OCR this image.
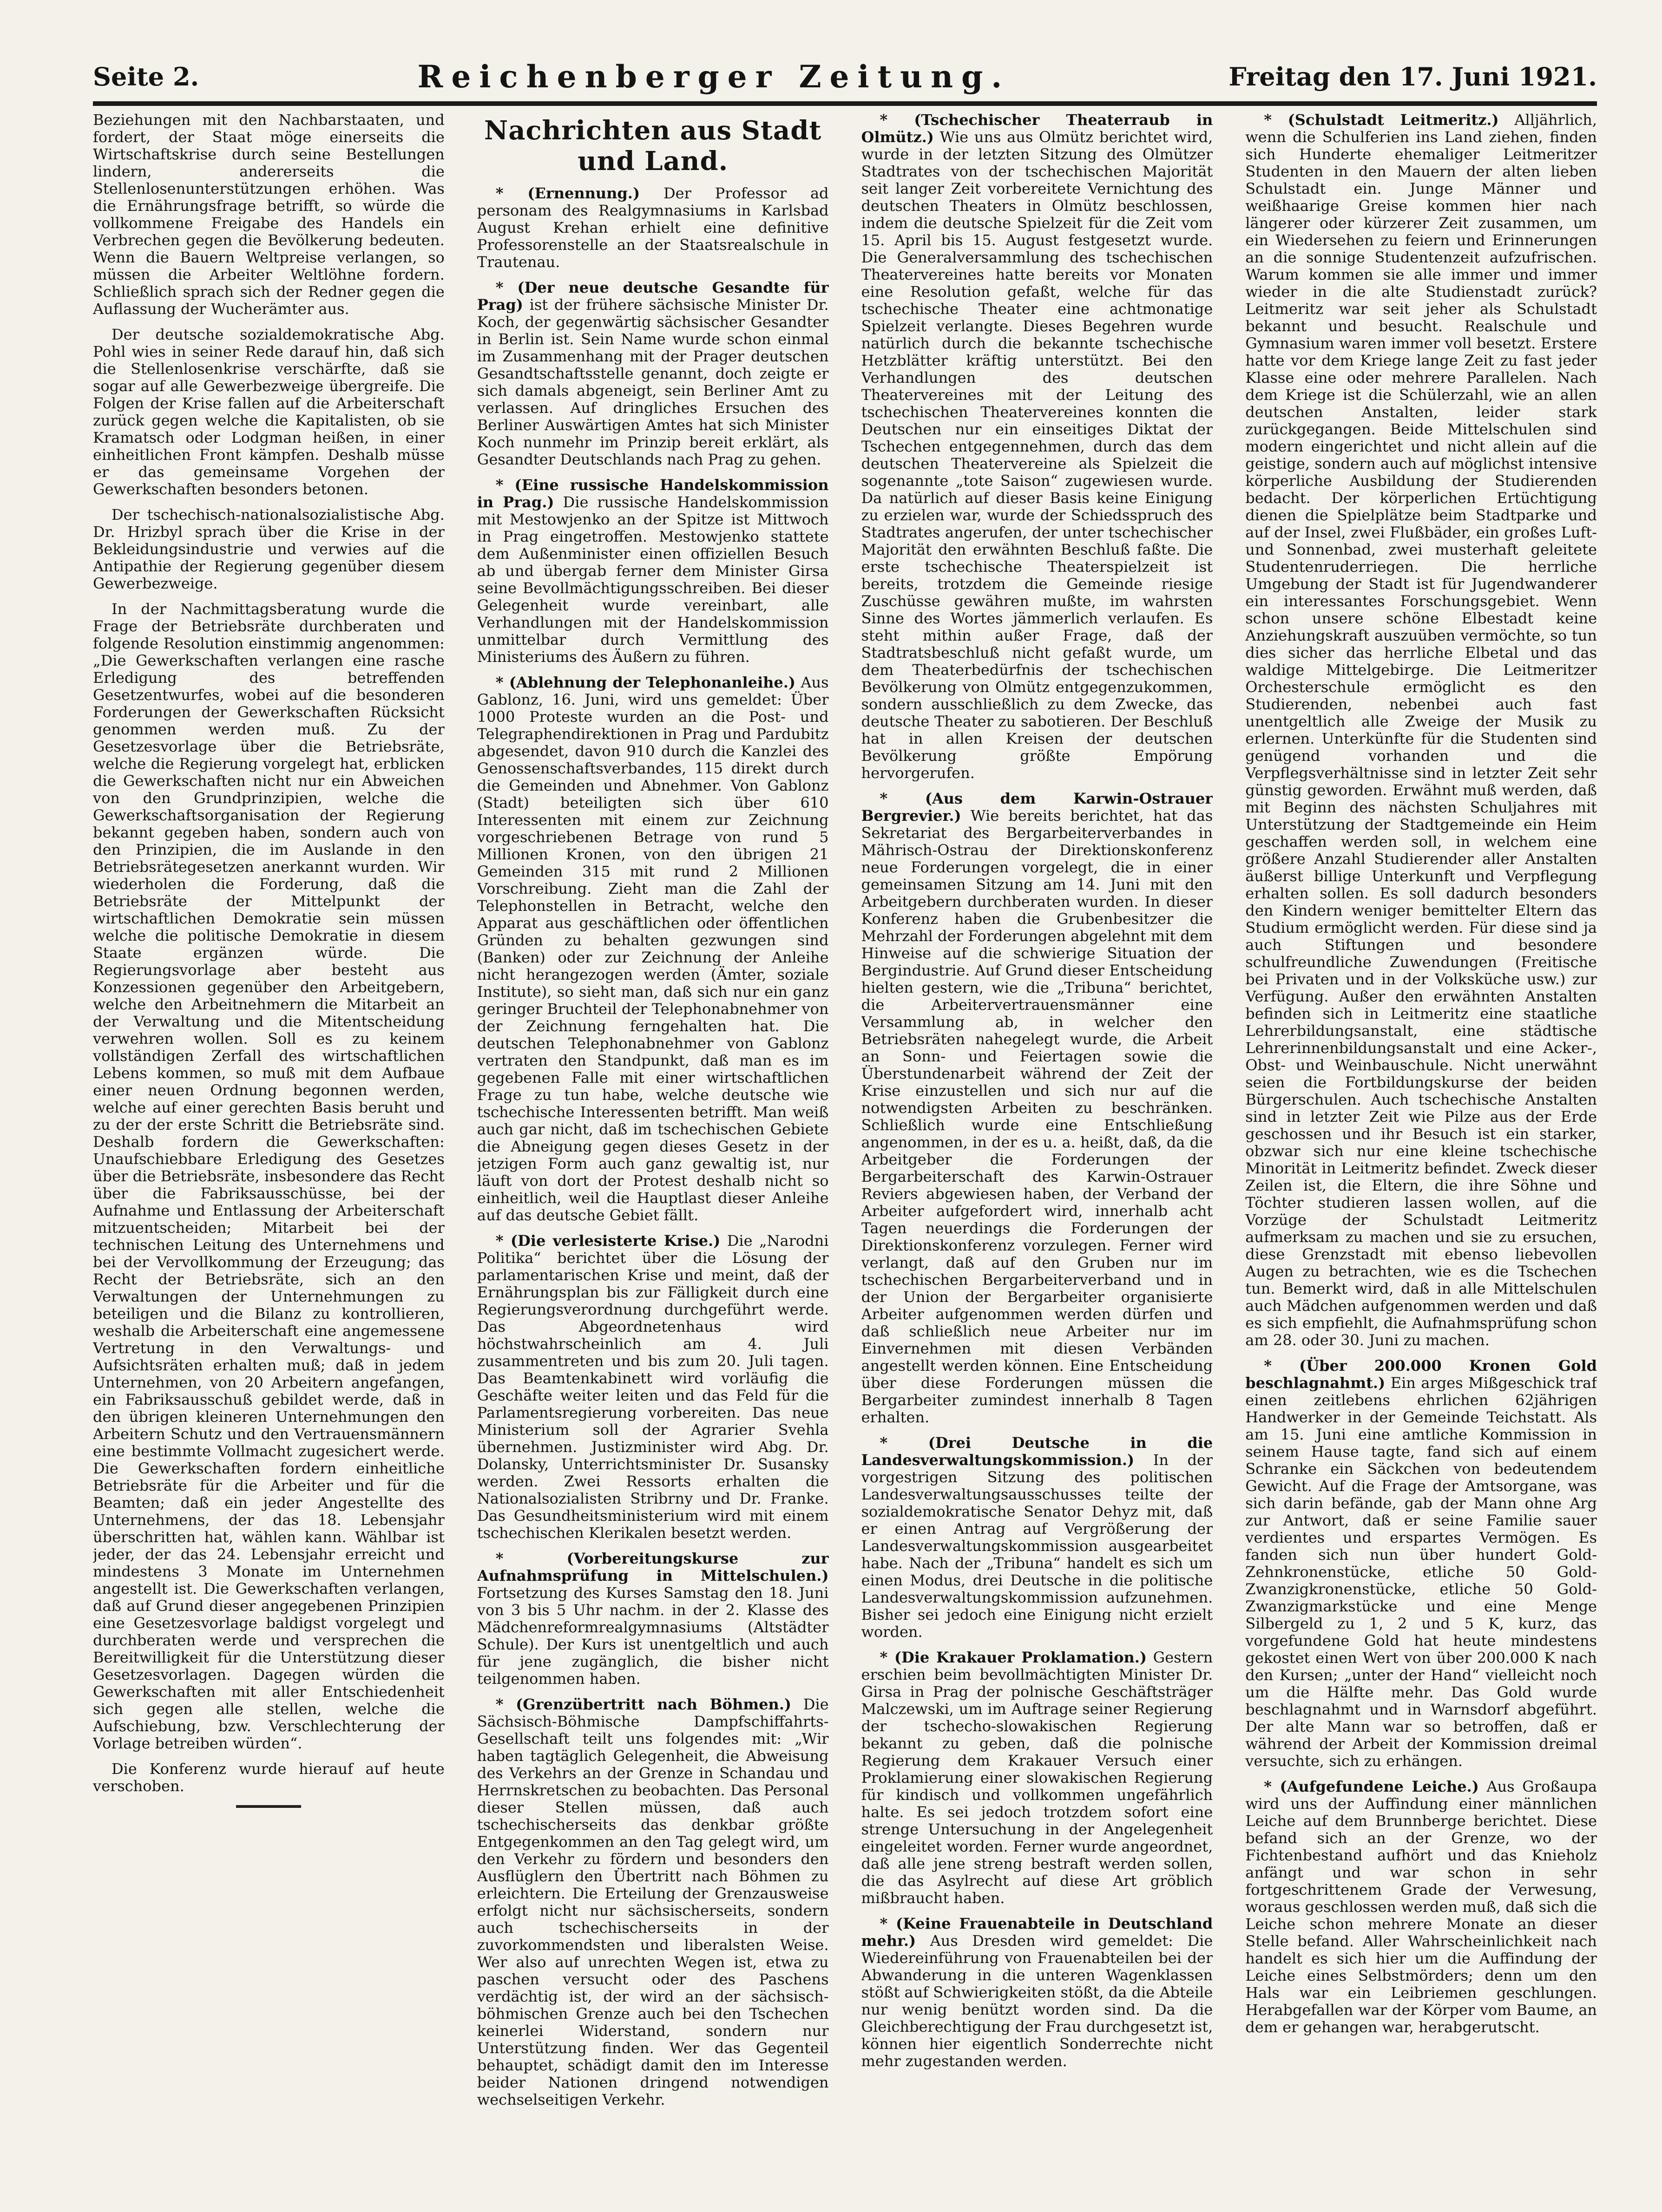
Seite 2.	Reichenberger Zeitung.	Freitag den 17. Juni 1921.

Beziehungen mit den Nachbarstaaten, und fordert, der Staat möge einerseits die Wirtschaftskrise durch seine Bestellungen lindern, andererseits die Stellenlosenunterstützungen erhöhen. Was die Ernährungsfrage betrifft, so würde die vollkommene Freigabe des Handels ein Verbrechen gegen die Bevölkerung bedeuten. Wenn die Bauern Weltpreise verlangen, so müssen die Arbeiter Weltlöhne fordern. Schließlich sprach sich der Redner gegen die Auflassung der Wucherämter aus.

Der deutsche sozialdemokratische Abg. Pohl wies in seiner Rede darauf hin, daß sich die Stellenlosenkrise verschärfte, daß sie sogar auf alle Gewerbezweige übergreife. Die Folgen der Krise fallen auf die Arbeiterschaft zurück gegen welche die Kapitalisten, ob sie Kramatsch oder Lodgman heißen, in einer einheitlichen Front kämpfen. Deshalb müsse er das gemeinsame Vorgehen der Gewerkschaften besonders betonen.

Der tschechisch-nationalsozialistische Abg. Dr. Hrizbyl sprach über die Krise in der Bekleidungsindustrie und verwies auf die Antipathie der Regierung gegenüber diesem Gewerbezweige.

In der Nachmittagsberatung wurde die Frage der Betriebsräte durchberaten und folgende Resolution einstimmig angenommen: „Die Gewerkschaften verlangen eine rasche Erledigung des betreffenden Gesetzentwurfes, wobei auf die besonderen Forderungen der Gewerkschaften Rücksicht genommen werden muß. Zu der Gesetzesvorlage über die Betriebsräte, welche die Regierung vorgelegt hat, erblicken die Gewerkschaften nicht nur ein Abweichen von den Grundprinzipien, welche die Gewerkschaftsorganisation der Regierung bekannt gegeben haben, sondern auch von den Prinzipien, die im Auslande in den Betriebsrätegesetzen anerkannt wurden. Wir wiederholen die Forderung, daß die Betriebsräte der Mittelpunkt der wirtschaftlichen Demokratie sein müssen welche die politische Demokratie in diesem Staate ergänzen würde. Die Regierungsvorlage aber besteht aus Konzessionen gegenüber den Arbeitgebern, welche den Arbeitnehmern die Mitarbeit an der Verwaltung und die Mitentscheidung verwehren wollen. Soll es zu keinem vollständigen Zerfall des wirtschaftlichen Lebens kommen, so muß mit dem Aufbaue einer neuen Ordnung begonnen werden, welche auf einer gerechten Basis beruht und zu der der erste Schritt die Betriebsräte sind. Deshalb fordern die Gewerkschaften: Unaufschiebbare Erledigung des Gesetzes über die Betriebsräte, insbesondere das Recht über die Fabriksausschüsse, bei der Aufnahme und Entlassung der Arbeiterschaft mitzuentscheiden; Mitarbeit bei der technischen Leitung des Unternehmens und bei der Vervollkommung der Erzeugung; das Recht der Betriebsräte, sich an den Verwaltungen der Unternehmungen zu beteiligen und die Bilanz zu kontrollieren, weshalb die Arbeiterschaft eine angemessene Vertretung in den Verwaltungs- und Aufsichtsräten erhalten muß; daß in jedem Unternehmen, von 20 Arbeitern angefangen, ein Fabriksausschuß gebildet werde, daß in den übrigen kleineren Unternehmungen den Arbeitern Schutz und den Vertrauensmännern eine bestimmte Vollmacht zugesichert werde. Die Gewerkschaften fordern einheitliche Betriebsräte für die Arbeiter und für die Beamten; daß ein jeder Angestellte des Unternehmens, der das 18. Lebensjahr überschritten hat, wählen kann. Wählbar ist jeder, der das 24. Lebensjahr erreicht und mindestens 3 Monate im Unternehmen angestellt ist. Die Gewerkschaften verlangen, daß auf Grund dieser angegebenen Prinzipien eine Gesetzesvorlage baldigst vorgelegt und durchberaten werde und versprechen die Bereitwilligkeit für die Unterstützung dieser Gesetzesvorlagen. Dagegen würden die Gewerkschaften mit aller Entschiedenheit sich gegen alle stellen, welche die Aufschiebung, bzw. Verschlechterung der Vorlage betreiben würden“.

Die Konferenz wurde hierauf auf heute verschoben.

Nachrichten aus Stadt und Land.

* (Ernennung.) Der Professor ad personam des Realgymnasiums in Karlsbad August Krehan erhielt eine definitive Professorenstelle an der Staatsrealschule in Trautenau.

* (Der neue deutsche Gesandte für Prag) ist der frühere sächsische Minister Dr. Koch, der gegenwärtig sächsischer Gesandter in Berlin ist. Sein Name wurde schon einmal im Zusammenhang mit der Prager deutschen Gesandtschaftsstelle genannt, doch zeigte er sich damals abgeneigt, sein Berliner Amt zu verlassen. Auf dringliches Ersuchen des Berliner Auswärtigen Amtes hat sich Minister Koch nunmehr im Prinzip bereit erklärt, als Gesandter Deutschlands nach Prag zu gehen.

* (Eine russische Handelskommission in Prag.) Die russische Handelskommission mit Mestowjenko an der Spitze ist Mittwoch in Prag eingetroffen. Mestowjenko stattete dem Außenminister einen offiziellen Besuch ab und übergab ferner dem Minister Girsa seine Bevollmächtigungsschreiben. Bei dieser Gelegenheit wurde vereinbart, alle Verhandlungen mit der Handelskommission unmittelbar durch Vermittlung des Ministeriums des Äußern zu führen.

* (Ablehnung der Telephonanleihe.) Aus Gablonz, 16. Juni, wird uns gemeldet: Über 1000 Proteste wurden an die Post- und Telegraphendirektionen in Prag und Pardubitz abgesendet, davon 910 durch die Kanzlei des Genossenschaftsverbandes, 115 direkt durch die Gemeinden und Abnehmer. Von Gablonz (Stadt) beteiligten sich über 610 Interessenten mit einem zur Zeichnung vorgeschriebenen Betrage von rund 5 Millionen Kronen, von den übrigen 21 Gemeinden 315 mit rund 2 Millionen Vorschreibung. Zieht man die Zahl der Telephonstellen in Betracht, welche den Apparat aus geschäftlichen oder öffentlichen Gründen zu behalten gezwungen sind (Banken) oder zur Zeichnung der Anleihe nicht herangezogen werden (Ämter, soziale Institute), so sieht man, daß sich nur ein ganz geringer Bruchteil der Telephonabnehmer von der Zeichnung ferngehalten hat. Die deutschen Telephonabnehmer von Gablonz vertraten den Standpunkt, daß man es im gegebenen Falle mit einer wirtschaftlichen Frage zu tun habe, welche deutsche wie tschechische Interessenten betrifft. Man weiß auch gar nicht, daß im tschechischen Gebiete die Abneigung gegen dieses Gesetz in der jetzigen Form auch ganz gewaltig ist, nur läuft von dort der Protest deshalb nicht so einheitlich, weil die Hauptlast dieser Anleihe auf das deutsche Gebiet fällt.

* (Die verlesisterte Krise.) Die „Narodni Politika“ berichtet über die Lösung der parlamentarischen Krise und meint, daß der Ernährungsplan bis zur Fälligkeit durch eine Regierungsverordnung durchgeführt werde. Das Abgeordnetenhaus wird höchstwahrscheinlich am 4. Juli zusammentreten und bis zum 20. Juli tagen. Das Beamtenkabinett wird vorläufig die Geschäfte weiter leiten und das Feld für die Parlamentsregierung vorbereiten. Das neue Ministerium soll der Agrarier Svehla übernehmen. Justizminister wird Abg. Dr. Dolansky, Unterrichtsminister Dr. Susansky werden. Zwei Ressorts erhalten die Nationalsozialisten Stribrny und Dr. Franke. Das Gesundheitsministerium wird mit einem tschechischen Klerikalen besetzt werden.

* (Vorbereitungskurse zur Aufnahmsprüfung in Mittelschulen.) Fortsetzung des Kurses Samstag den 18. Juni von 3 bis 5 Uhr nachm. in der 2. Klasse des Mädchenreformrealgymnasiums (Altstädter Schule). Der Kurs ist unentgeltlich und auch für jene zugänglich, die bisher nicht teilgenommen haben.

* (Grenzübertritt nach Böhmen.) Die Sächsisch-Böhmische Dampfschiffahrts-Gesellschaft teilt uns folgendes mit: „Wir haben tagtäglich Gelegenheit, die Abweisung des Verkehrs an der Grenze in Schandau und Herrnskretschen zu beobachten. Das Personal dieser Stellen müssen, daß auch tschechischerseits das denkbar größte Entgegenkommen an den Tag gelegt wird, um den Verkehr zu fördern und besonders den Ausflüglern den Übertritt nach Böhmen zu erleichtern. Die Erteilung der Grenzausweise erfolgt nicht nur sächsischerseits, sondern auch tschechischerseits in der zuvorkommendsten und liberalsten Weise. Wer also auf unrechten Wegen ist, etwa zu paschen versucht oder des Paschens verdächtig ist, der wird an der sächsisch-böhmischen Grenze auch bei den Tschechen keinerlei Widerstand, sondern nur Unterstützung finden. Wer das Gegenteil behauptet, schädigt damit den im Interesse beider Nationen dringend notwendigen wechselseitigen Verkehr.

* (Tschechischer Theaterraub in Olmütz.) Wie uns aus Olmütz berichtet wird, wurde in der letzten Sitzung des Olmützer Stadtrates von der tschechischen Majorität seit langer Zeit vorbereitete Vernichtung des deutschen Theaters in Olmütz beschlossen, indem die deutsche Spielzeit für die Zeit vom 15. April bis 15. August festgesetzt wurde. Die Generalversammlung des tschechischen Theatervereines hatte bereits vor Monaten eine Resolution gefaßt, welche für das tschechische Theater eine achtmonatige Spielzeit verlangte. Dieses Begehren wurde natürlich durch die bekannte tschechische Hetzblätter kräftig unterstützt. Bei den Verhandlungen des deutschen Theatervereines mit der Leitung des tschechischen Theatervereines konnten die Deutschen nur ein einseitiges Diktat der Tschechen entgegennehmen, durch das dem deutschen Theatervereine als Spielzeit die sogenannte „tote Saison“ zugewiesen wurde. Da natürlich auf dieser Basis keine Einigung zu erzielen war, wurde der Schiedsspruch des Stadtrates angerufen, der unter tschechischer Majorität den erwähnten Beschluß faßte. Die erste tschechische Theaterspielzeit ist bereits, trotzdem die Gemeinde riesige Zuschüsse gewähren mußte, im wahrsten Sinne des Wortes jämmerlich verlaufen. Es steht mithin außer Frage, daß der Stadtratsbeschluß nicht gefaßt wurde, um dem Theaterbedürfnis der tschechischen Bevölkerung von Olmütz entgegenzukommen, sondern ausschließlich zu dem Zwecke, das deutsche Theater zu sabotieren. Der Beschluß hat in allen Kreisen der deutschen Bevölkerung größte Empörung hervorgerufen.

* (Aus dem Karwin-Ostrauer Bergrevier.) Wie bereits berichtet, hat das Sekretariat des Bergarbeiterverbandes in Mährisch-Ostrau der Direktionskonferenz neue Forderungen vorgelegt, die in einer gemeinsamen Sitzung am 14. Juni mit den Arbeitgebern durchberaten wurden. In dieser Konferenz haben die Grubenbesitzer die Mehrzahl der Forderungen abgelehnt mit dem Hinweise auf die schwierige Situation der Bergindustrie. Auf Grund dieser Entscheidung hielten gestern, wie die „Tribuna“ berichtet, die Arbeitervertrauensmänner eine Versammlung ab, in welcher den Betriebsräten nahegelegt wurde, die Arbeit an Sonn- und Feiertagen sowie die Überstundenarbeit während der Zeit der Krise einzustellen und sich nur auf die notwendigsten Arbeiten zu beschränken. Schließlich wurde eine Entschließung angenommen, in der es u. a. heißt, daß, da die Arbeitgeber die Forderungen der Bergarbeiterschaft des Karwin-Ostrauer Reviers abgewiesen haben, der Verband der Arbeiter aufgefordert wird, innerhalb acht Tagen neuerdings die Forderungen der Direktionskonferenz vorzulegen. Ferner wird verlangt, daß auf den Gruben nur im tschechischen Bergarbeiterverband und in der Union der Bergarbeiter organisierte Arbeiter aufgenommen werden dürfen und daß schließlich neue Arbeiter nur im Einvernehmen mit diesen Verbänden angestellt werden können. Eine Entscheidung über diese Forderungen müssen die Bergarbeiter zumindest innerhalb 8 Tagen erhalten.

* (Drei Deutsche in die Landesverwaltungskommission.) In der vorgestrigen Sitzung des politischen Landesverwaltungsausschusses teilte der sozialdemokratische Senator Dehyz mit, daß er einen Antrag auf Vergrößerung der Landesverwaltungskommission ausgearbeitet habe. Nach der „Tribuna“ handelt es sich um einen Modus, drei Deutsche in die politische Landesverwaltungskommission aufzunehmen. Bisher sei jedoch eine Einigung nicht erzielt worden.

* (Die Krakauer Proklamation.) Gestern erschien beim bevollmächtigten Minister Dr. Girsa in Prag der polnische Geschäftsträger Malczewski, um im Auftrage seiner Regierung der tschecho-slowakischen Regierung bekannt zu geben, daß die polnische Regierung dem Krakauer Versuch einer Proklamierung einer slowakischen Regierung für kindisch und vollkommen ungefährlich halte. Es sei jedoch trotzdem sofort eine strenge Untersuchung in der Angelegenheit eingeleitet worden. Ferner wurde angeordnet, daß alle jene streng bestraft werden sollen, die das Asylrecht auf diese Art gröblich mißbraucht haben.

* (Keine Frauenabteile in Deutschland mehr.) Aus Dresden wird gemeldet: Die Wiedereinführung von Frauenabteilen bei der Abwanderung in die unteren Wagenklassen stößt auf Schwierigkeiten stößt, da die Abteile nur wenig benützt worden sind. Da die Gleichberechtigung der Frau durchgesetzt ist, können hier eigentlich Sonderrechte nicht mehr zugestanden werden.

* (Schulstadt Leitmeritz.) Alljährlich, wenn die Schulferien ins Land ziehen, finden sich Hunderte ehemaliger Leitmeritzer Studenten in den Mauern der alten lieben Schulstadt ein. Junge Männer und weißhaarige Greise kommen hier nach längerer oder kürzerer Zeit zusammen, um ein Wiedersehen zu feiern und Erinnerungen an die sonnige Studentenzeit aufzufrischen. Warum kommen sie alle immer und immer wieder in die alte Studienstadt zurück? Leitmeritz war seit jeher als Schulstadt bekannt und besucht. Realschule und Gymnasium waren immer voll besetzt. Erstere hatte vor dem Kriege lange Zeit zu fast jeder Klasse eine oder mehrere Parallelen. Nach dem Kriege ist die Schülerzahl, wie an allen deutschen Anstalten, leider stark zurückgegangen. Beide Mittelschulen sind modern eingerichtet und nicht allein auf die geistige, sondern auch auf möglichst intensive körperliche Ausbildung der Studierenden bedacht. Der körperlichen Ertüchtigung dienen die Spielplätze beim Stadtparke und auf der Insel, zwei Flußbäder, ein großes Luft- und Sonnenbad, zwei musterhaft geleitete Studentenruderriegen. Die herrliche Umgebung der Stadt ist für Jugendwanderer ein interessantes Forschungsgebiet. Wenn schon unsere schöne Elbestadt keine Anziehungskraft auszuüben vermöchte, so tun dies sicher das herrliche Elbetal und das waldige Mittelgebirge. Die Leitmeritzer Orchesterschule ermöglicht es den Studierenden, nebenbei auch fast unentgeltlich alle Zweige der Musik zu erlernen. Unterkünfte für die Studenten sind genügend vorhanden und die Verpflegsverhältnisse sind in letzter Zeit sehr günstig geworden. Erwähnt muß werden, daß mit Beginn des nächsten Schuljahres mit Unterstützung der Stadtgemeinde ein Heim geschaffen werden soll, in welchem eine größere Anzahl Studierender aller Anstalten äußerst billige Unterkunft und Verpflegung erhalten sollen. Es soll dadurch besonders den Kindern weniger bemittelter Eltern das Studium ermöglicht werden. Für diese sind ja auch Stiftungen und besondere schulfreundliche Zuwendungen (Freitische bei Privaten und in der Volksküche usw.) zur Verfügung. Außer den erwähnten Anstalten befinden sich in Leitmeritz eine staatliche Lehrerbildungsanstalt, eine städtische Lehrerinnenbildungsanstalt und eine Acker-, Obst- und Weinbauschule. Nicht unerwähnt seien die Fortbildungskurse der beiden Bürgerschulen. Auch tschechische Anstalten sind in letzter Zeit wie Pilze aus der Erde geschossen und ihr Besuch ist ein starker, obzwar sich nur eine kleine tschechische Minorität in Leitmeritz befindet. Zweck dieser Zeilen ist, die Eltern, die ihre Söhne und Töchter studieren lassen wollen, auf die Vorzüge der Schulstadt Leitmeritz aufmerksam zu machen und sie zu ersuchen, diese Grenzstadt mit ebenso liebevollen Augen zu betrachten, wie es die Tschechen tun. Bemerkt wird, daß in alle Mittelschulen auch Mädchen aufgenommen werden und daß es sich empfiehlt, die Aufnahmsprüfung schon am 28. oder 30. Juni zu machen.

* (Über 200.000 Kronen Gold beschlagnahmt.) Ein arges Mißgeschick traf einen zeitlebens ehrlichen 62jährigen Handwerker in der Gemeinde Teichstatt. Als am 15. Juni eine amtliche Kommission in seinem Hause tagte, fand sich auf einem Schranke ein Säckchen von bedeutendem Gewicht. Auf die Frage der Amtsorgane, was sich darin befände, gab der Mann ohne Arg zur Antwort, daß er seine Familie sauer verdientes und erspartes Vermögen. Es fanden sich nun über hundert Gold-Zehnkronenstücke, etliche 50 Gold-Zwanzigkronenstücke, etliche 50 Gold-Zwanzigmarkstücke und eine Menge Silbergeld zu 1, 2 und 5 K, kurz, das vorgefundene Gold hat heute mindestens gekostet einen Wert von über 200.000 K nach den Kursen; „unter der Hand“ vielleicht noch um die Hälfte mehr. Das Gold wurde beschlagnahmt und in Warnsdorf abgeführt. Der alte Mann war so betroffen, daß er während der Arbeit der Kommission dreimal versuchte, sich zu erhängen.

* (Aufgefundene Leiche.) Aus Großaupa wird uns der Auffindung einer männlichen Leiche auf dem Brunnberge berichtet. Diese befand sich an der Grenze, wo der Fichtenbestand aufhört und das Knieholz anfängt und war schon in sehr fortgeschrittenem Grade der Verwesung, woraus geschlossen werden muß, daß sich die Leiche schon mehrere Monate an dieser Stelle befand. Aller Wahrscheinlichkeit nach handelt es sich hier um die Auffindung der Leiche eines Selbstmörders; denn um den Hals war ein Leibriemen geschlungen. Herabgefallen war der Körper vom Baume, an dem er gehangen war, herabgerutscht.
